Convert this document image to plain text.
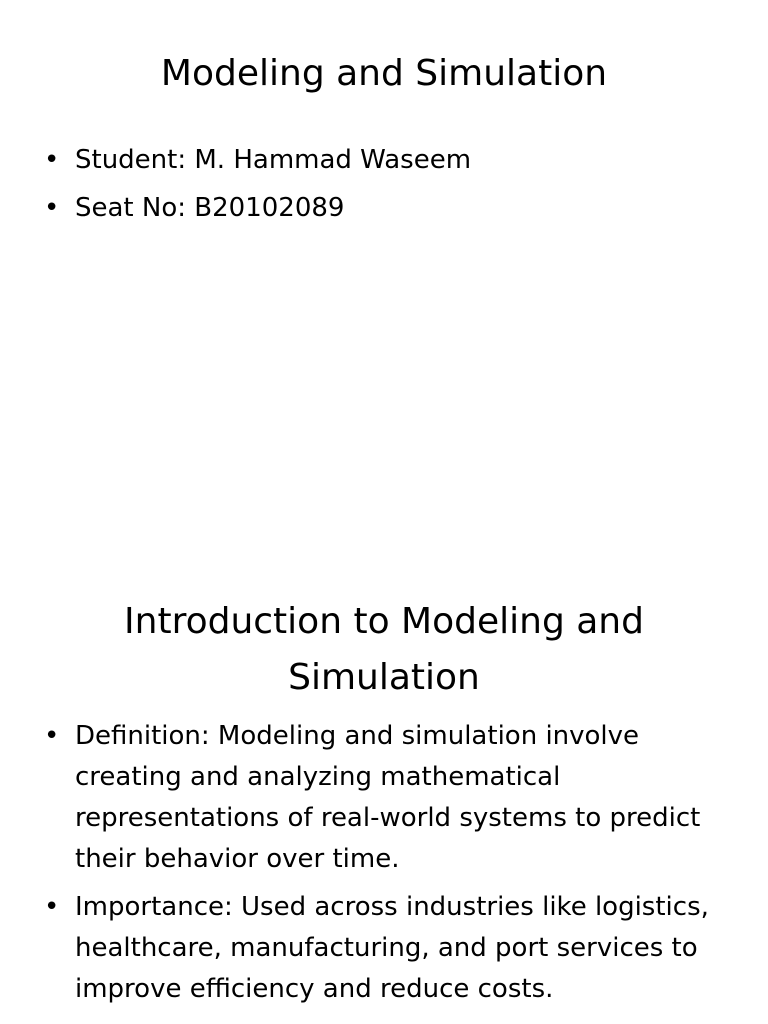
Modeling and Simulation
• Student: M. Hammad Waseem
• Seat No: B20102089
Introduction to Modeling and Simulation
• Definition: Modeling and simulation involve creating and analyzing mathematical representations of real-world systems to predict their behavior over time.
• Importance: Used across industries like logistics, healthcare, manufacturing, and port services to improve efficiency and reduce costs.
